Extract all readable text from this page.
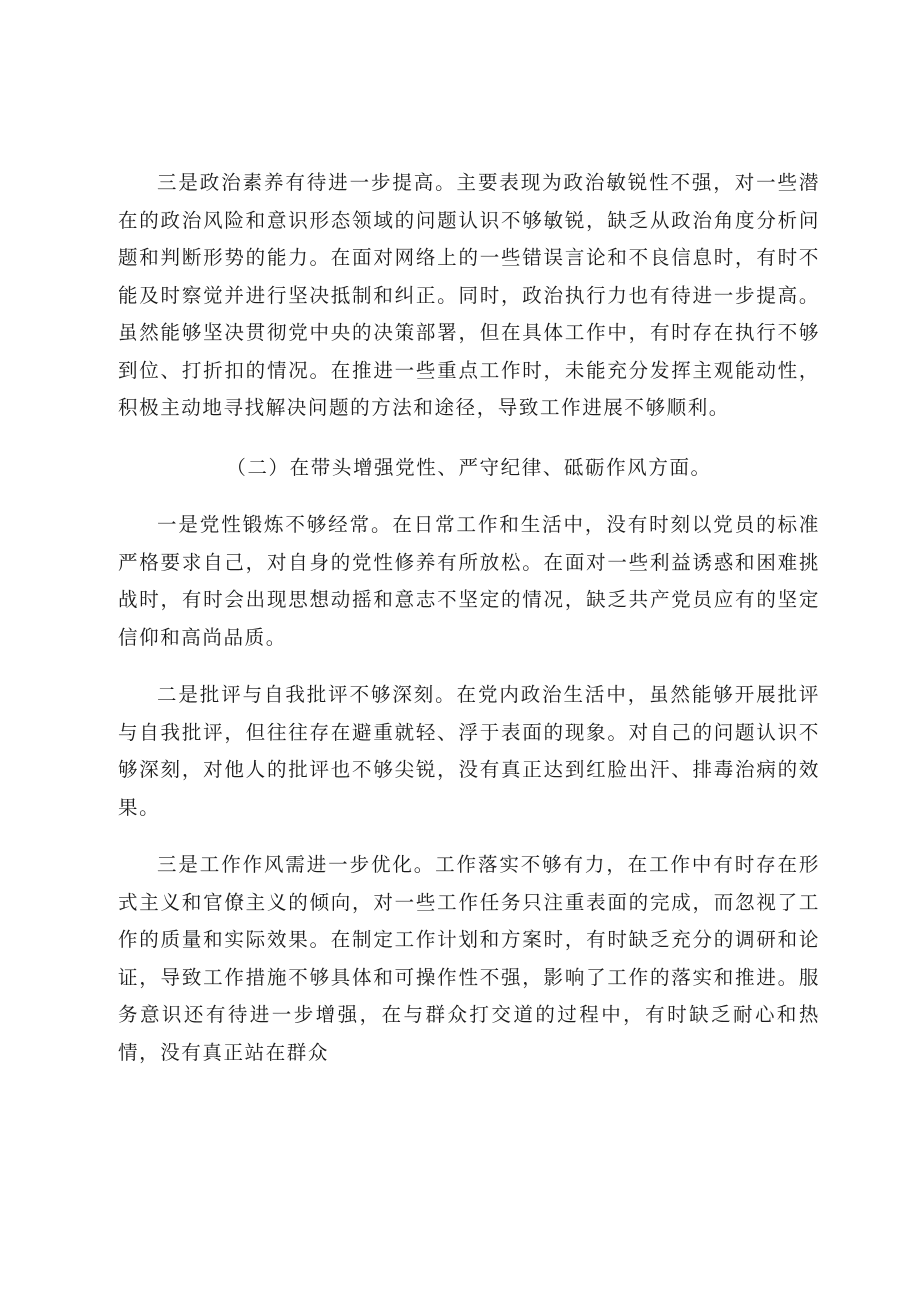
三是政治素养有待进一步提高。主要表现为政治敏锐性不强，对一些潜在的政治风险和意识形态领域的问题认识不够敏锐，缺乏从政治角度分析问题和判断形势的能力。在面对网络上的一些错误言论和不良信息时，有时不能及时察觉并进行坚决抵制和纠正。同时，政治执行力也有待进一步提高。虽然能够坚决贯彻党中央的决策部署，但在具体工作中，有时存在执行不够到位、打折扣的情况。在推进一些重点工作时，未能充分发挥主观能动性，积极主动地寻找解决问题的方法和途径，导致工作进展不够顺利。

（二）在带头增强党性、严守纪律、砥砺作风方面。

一是党性锻炼不够经常。在日常工作和生活中，没有时刻以党员的标准严格要求自己，对自身的党性修养有所放松。在面对一些利益诱惑和困难挑战时，有时会出现思想动摇和意志不坚定的情况，缺乏共产党员应有的坚定信仰和高尚品质。

二是批评与自我批评不够深刻。在党内政治生活中，虽然能够开展批评与自我批评，但往往存在避重就轻、浮于表面的现象。对自己的问题认识不够深刻，对他人的批评也不够尖锐，没有真正达到红脸出汗、排毒治病的效果。

三是工作作风需进一步优化。工作落实不够有力，在工作中有时存在形式主义和官僚主义的倾向，对一些工作任务只注重表面的完成，而忽视了工作的质量和实际效果。在制定工作计划和方案时，有时缺乏充分的调研和论证，导致工作措施不够具体和可操作性不强，影响了工作的落实和推进。服务意识还有待进一步增强，在与群众打交道的过程中，有时缺乏耐心和热情，没有真正站在群众
